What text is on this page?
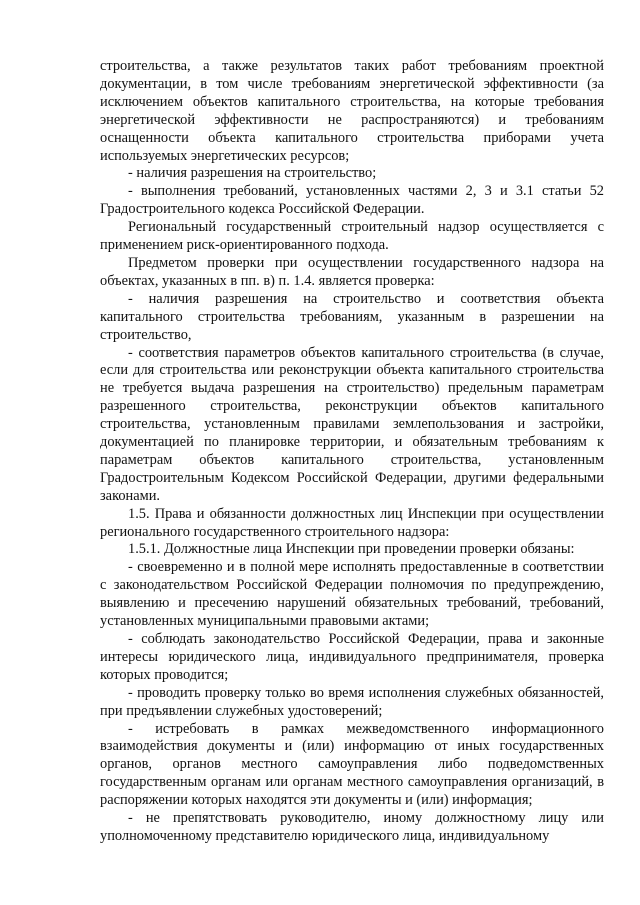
строительства, а также результатов таких работ требованиям проектной документации, в том числе требованиям энергетической эффективности (за исключением объектов капитального строительства, на которые требования энергетической эффективности не распространяются) и требованиям оснащенности объекта капитального строительства приборами учета используемых энергетических ресурсов;

- наличия разрешения на строительство;

- выполнения требований, установленных частями 2, 3 и 3.1 статьи 52 Градостроительного кодекса Российской Федерации.

Региональный государственный строительный надзор осуществляется с применением риск-ориентированного подхода.

Предметом проверки при осуществлении государственного надзора на объектах, указанных в пп. в) п. 1.4. является проверка:

- наличия разрешения на строительство и соответствия объекта капитального строительства требованиям, указанным в разрешении на строительство,

- соответствия параметров объектов капитального строительства (в случае, если для строительства или реконструкции объекта капитального строительства не требуется выдача разрешения на строительство) предельным параметрам разрешенного строительства, реконструкции объектов капитального строительства, установленным правилами землепользования и застройки, документацией по планировке территории, и обязательным требованиям к параметрам объектов капитального строительства, установленным Градостроительным Кодексом Российской Федерации, другими федеральными законами.

1.5. Права и обязанности должностных лиц Инспекции при осуществлении регионального государственного строительного надзора:

1.5.1. Должностные лица Инспекции при проведении проверки обязаны:

- своевременно и в полной мере исполнять предоставленные в соответствии с законодательством Российской Федерации полномочия по предупреждению, выявлению и пресечению нарушений обязательных требований, требований, установленных муниципальными правовыми актами;

- соблюдать законодательство Российской Федерации, права и законные интересы юридического лица, индивидуального предпринимателя, проверка которых проводится;

- проводить проверку только во время исполнения служебных обязанностей, при предъявлении служебных удостоверений;

- истребовать в рамках межведомственного информационного взаимодействия документы и (или) информацию от иных государственных органов, органов местного самоуправления либо подведомственных государственным органам или органам местного самоуправления организаций, в распоряжении которых находятся эти документы и (или) информация;

- не препятствовать руководителю, иному должностному лицу или уполномоченному представителю юридического лица, индивидуальному
